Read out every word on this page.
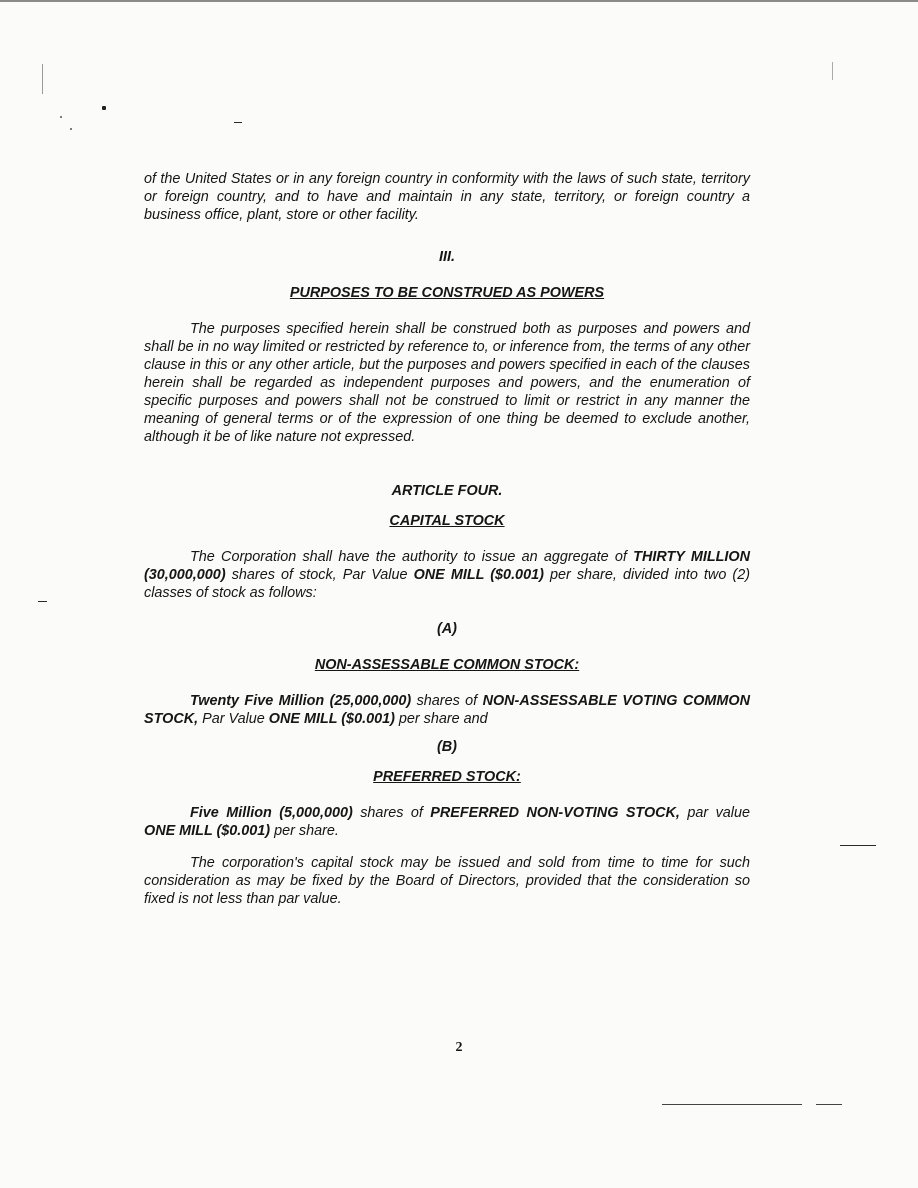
of the United States or in any foreign country in conformity with the laws of such state, territory or foreign country, and to have and maintain in any state, territory, or foreign country a business office, plant, store or other facility.

III.

PURPOSES TO BE CONSTRUED AS POWERS

The purposes specified herein shall be construed both as purposes and powers and shall be in no way limited or restricted by reference to, or inference from, the terms of any other clause in this or any other article, but the purposes and powers specified in each of the clauses herein shall be regarded as independent purposes and powers, and the enumeration of specific purposes and powers shall not be construed to limit or restrict in any manner the meaning of general terms or of the expression of one thing be deemed to exclude another, although it be of like nature not expressed.

ARTICLE FOUR.

CAPITAL STOCK

The Corporation shall have the authority to issue an aggregate of THIRTY MILLION (30,000,000) shares of stock, Par Value ONE MILL ($0.001) per share, divided into two (2) classes of stock as follows:

(A)

NON-ASSESSABLE COMMON STOCK:

Twenty Five Million (25,000,000) shares of NON-ASSESSABLE VOTING COMMON STOCK, Par Value ONE MILL ($0.001) per share and

(B)

PREFERRED STOCK:

Five Million (5,000,000) shares of PREFERRED NON-VOTING STOCK, par value ONE MILL ($0.001) per share.

The corporation's capital stock may be issued and sold from time to time for such consideration as may be fixed by the Board of Directors, provided that the consideration so fixed is not less than par value.

2
